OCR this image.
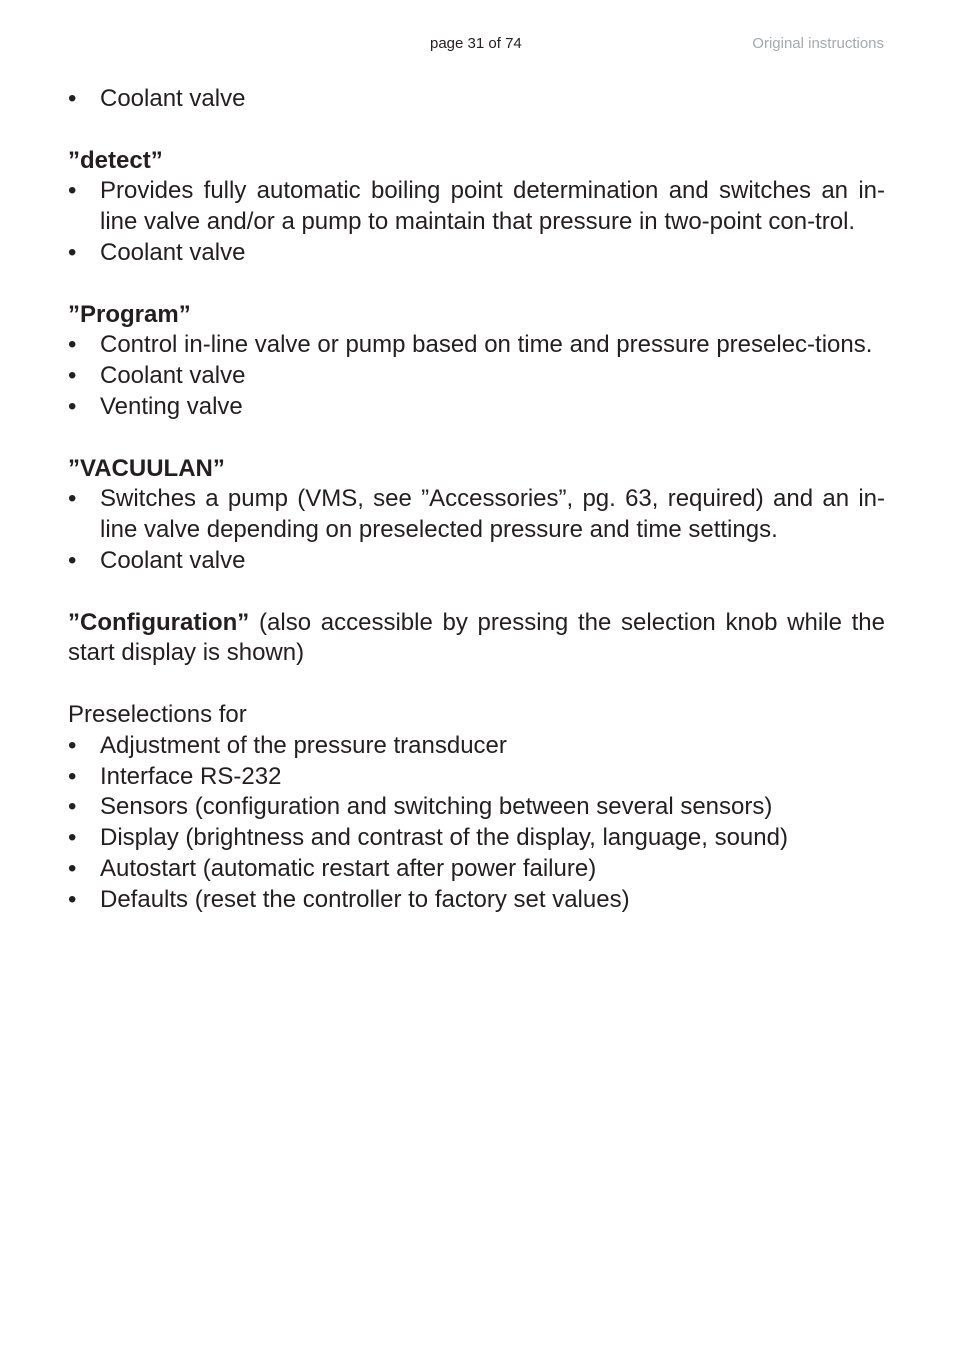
page 31 of 74	Original instructions
• Coolant valve
”detect”
• Provides fully automatic boiling point determination and switches an in-line valve and/or a pump to maintain that pressure in two-point con-trol.
• Coolant valve
”Program”
• Control in-line valve or pump based on time and pressure preselec-tions.
• Coolant valve
• Venting valve
”VACUULAN”
• Switches a pump (VMS, see ”Accessories”, pg. 63, required) and an in-line valve depending on preselected pressure and time settings.
• Coolant valve
”Configuration” (also accessible by pressing the selection knob while the start display is shown)
Preselections for
• Adjustment of the pressure transducer
• Interface RS-232
• Sensors (configuration and switching between several sensors)
• Display (brightness and contrast of the display, language, sound)
• Autostart (automatic restart after power failure)
• Defaults (reset the controller to factory set values)
